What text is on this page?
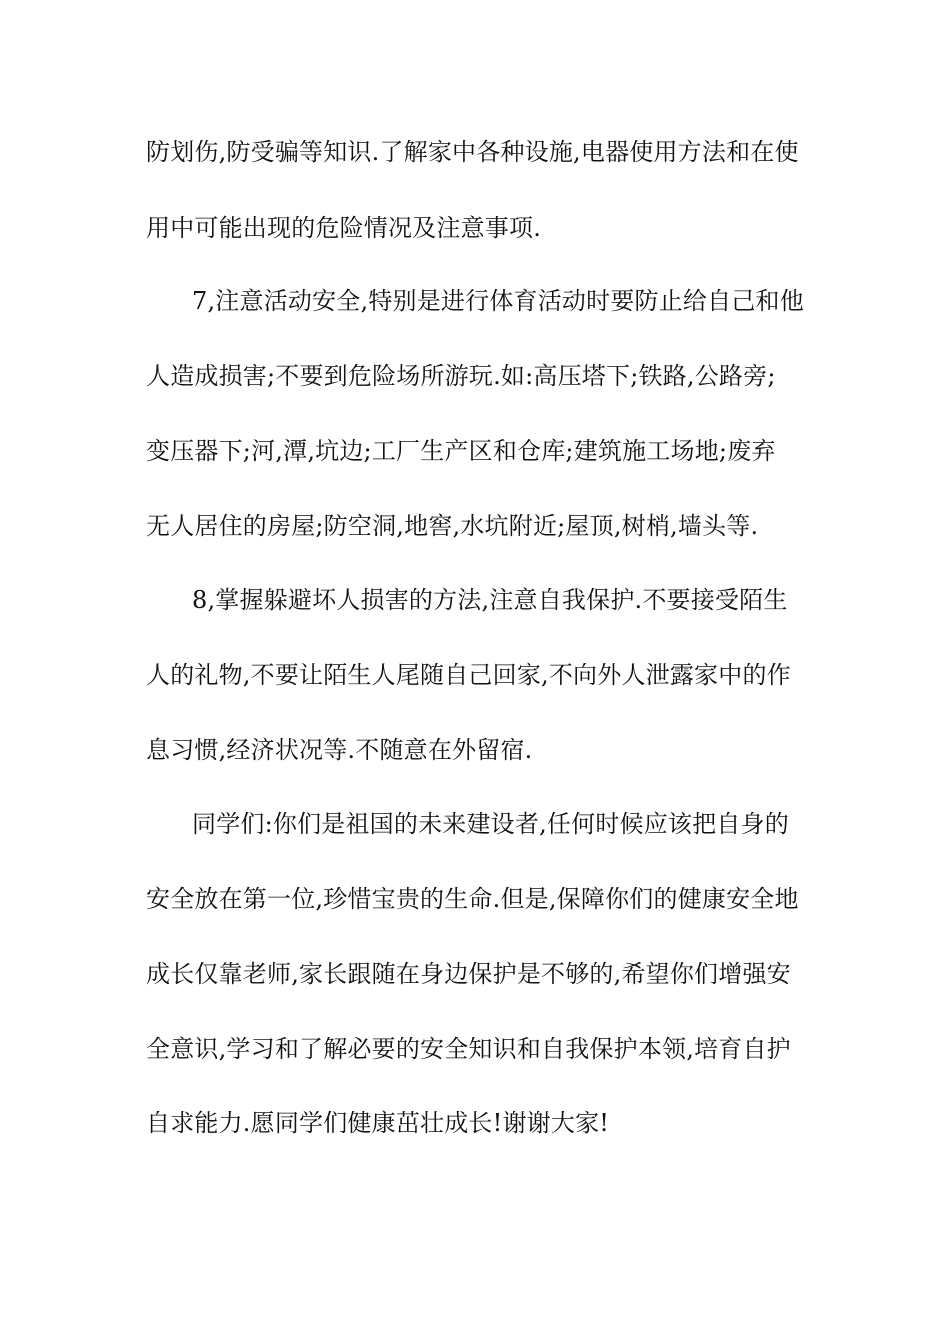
防划伤,防受骗等知识.了解家中各种设施,电器使用方法和在使
用中可能出现的危险情况及注意事项.
7,注意活动安全,特别是进行体育活动时要防止给自己和他
人造成损害;不要到危险场所游玩.如:高压塔下;铁路,公路旁;
变压器下;河,潭,坑边;工厂生产区和仓库;建筑施工场地;废弃
无人居住的房屋;防空洞,地窖,水坑附近;屋顶,树梢,墙头等.
8,掌握躲避坏人损害的方法,注意自我保护.不要接受陌生
人的礼物,不要让陌生人尾随自己回家,不向外人泄露家中的作
息习惯,经济状况等.不随意在外留宿.
同学们:你们是祖国的未来建设者,任何时候应该把自身的
安全放在第一位,珍惜宝贵的生命.但是,保障你们的健康安全地
成长仅靠老师,家长跟随在身边保护是不够的,希望你们增强安
全意识,学习和了解必要的安全知识和自我保护本领,培育自护
自求能力.愿同学们健康茁壮成长!谢谢大家!
